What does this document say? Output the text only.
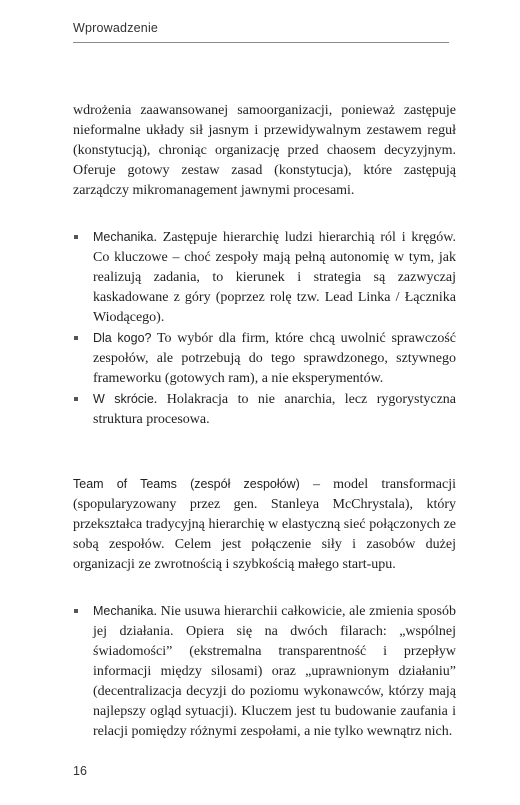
Wprowadzenie

wdrożenia zaawansowanej samoorganizacji, ponieważ zastępuje nieformalne układy sił jasnym i przewidywalnym zestawem reguł (konstytucją), chroniąc organizację przed chaosem decyzyjnym. Oferuje gotowy zestaw zasad (konstytucja), które zastępują zarządczy mikromanagement jawnymi procesami.

Mechanika. Zastępuje hierarchię ludzi hierarchią ról i kręgów. Co kluczowe – choć zespoły mają pełną autonomię w tym, jak realizują zadania, to kierunek i strategia są zazwyczaj kaskadowane z góry (poprzez rolę tzw. Lead Linka / Łącznika Wiodącego).
Dla kogo? To wybór dla firm, które chcą uwolnić sprawczość zespołów, ale potrzebują do tego sprawdzonego, sztywnego frameworku (gotowych ram), a nie eksperymentów.
W skrócie. Holakracja to nie anarchia, lecz rygorystyczna struktura procesowa.

Team of Teams (zespół zespołów) – model transformacji (spopularyzowany przez gen. Stanleya McChrystala), który przekształca tradycyjną hierarchię w elastyczną sieć połączonych ze sobą zespołów. Celem jest połączenie siły i zasobów dużej organizacji ze zwrotnością i szybkością małego start-upu.

Mechanika. Nie usuwa hierarchii całkowicie, ale zmienia sposób jej działania. Opiera się na dwóch filarach: „wspólnej świadomości” (ekstremalna transparentność i przepływ informacji między silosami) oraz „uprawnionym działaniu” (decentralizacja decyzji do poziomu wykonawców, którzy mają najlepszy ogląd sytuacji). Kluczem jest tu budowanie zaufania i relacji pomiędzy różnymi zespołami, a nie tylko wewnątrz nich.
16
